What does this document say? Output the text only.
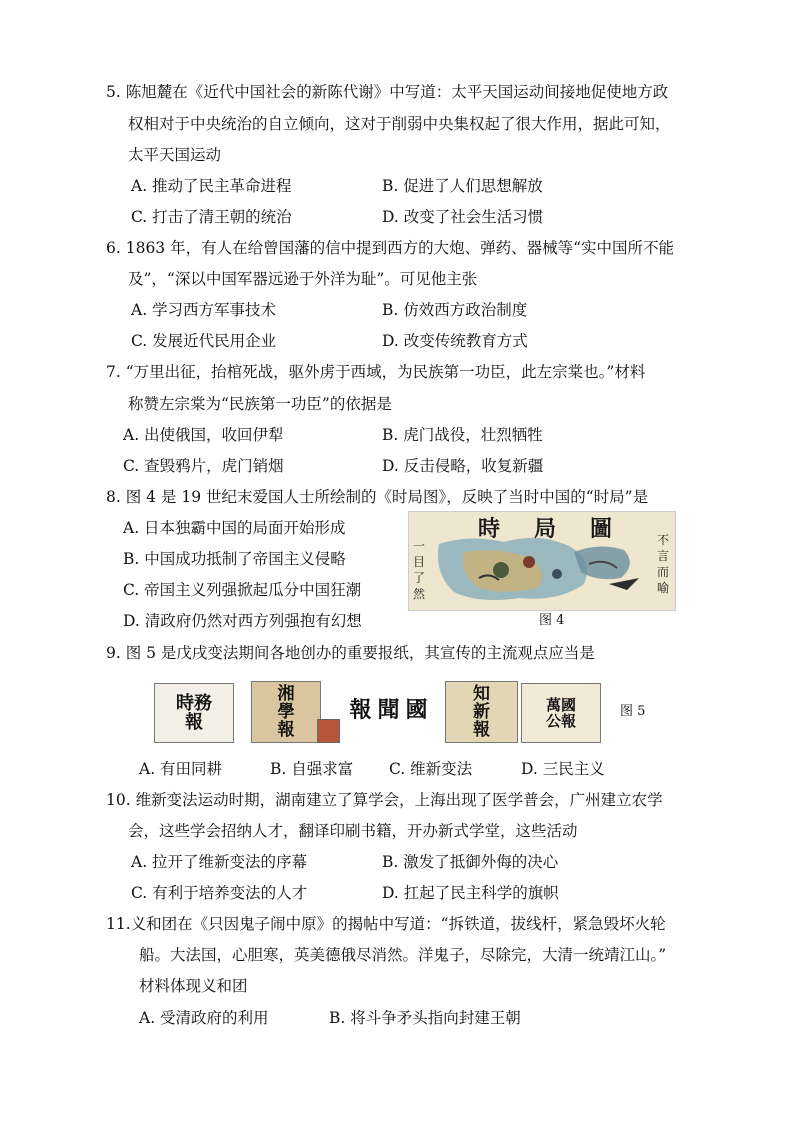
5. 陈旭麓在《近代中国社会的新陈代谢》中写道：太平天国运动间接地促使地方政
权相对于中央统治的自立倾向，这对于削弱中央集权起了很大作用，据此可知，
太平天国运动
A. 推动了民主革命进程	B. 促进了人们思想解放
C. 打击了清王朝的统治	D. 改变了社会生活习惯
6. 1863 年，有人在给曾国藩的信中提到西方的大炮、弹药、器械等“实中国所不能
及”，“深以中国军器远逊于外洋为耻”。可见他主张
A. 学习西方军事技术	B. 仿效西方政治制度
C. 发展近代民用企业	D. 改变传统教育方式
7. “万里出征，抬棺死战，驱外虏于西域，为民族第一功臣，此左宗棠也。”材料
称赞左宗棠为“民族第一功臣”的依据是
A. 出使俄国，收回伊犁	B. 虎门战役，壮烈牺牲
C. 查毁鸦片，虎门销烟	D. 反击侵略，收复新疆
8. 图 4 是 19 世纪末爱国人士所绘制的《时局图》，反映了当时中国的“时局”是
A. 日本独霸中国的局面开始形成
B. 中国成功抵制了帝国主义侵略
C. 帝国主义列强掀起瓜分中国狂潮
D. 清政府仍然对西方列强抱有幻想
時局圖
一目了然
不言而喻
图 4
9. 图 5 是戊戌变法期间各地创办的重要报纸，其宣传的主流观点应当是
時務報
湘學報
國聞報
知新報
萬國公報
图 5
A. 有田同耕	B. 自强求富 C. 维新变法	D. 三民主义
10. 维新变法运动时期，湖南建立了算学会，上海出现了医学普会，广州建立农学
会，这些学会招纳人才，翻译印刷书籍，开办新式学堂，这些活动
A. 拉开了维新变法的序幕	B. 激发了抵御外侮的决心
C. 有利于培养变法的人才	D. 扛起了民主科学的旗帜
11.义和团在《只因鬼子闹中原》的揭帖中写道：“拆铁道，拔线杆，紧急毁坏火轮
船。大法国，心胆寒，英美德俄尽消然。洋鬼子，尽除完，大清一统靖江山。”
材料体现义和团
A. 受清政府的利用	B. 将斗争矛头指向封建王朝
